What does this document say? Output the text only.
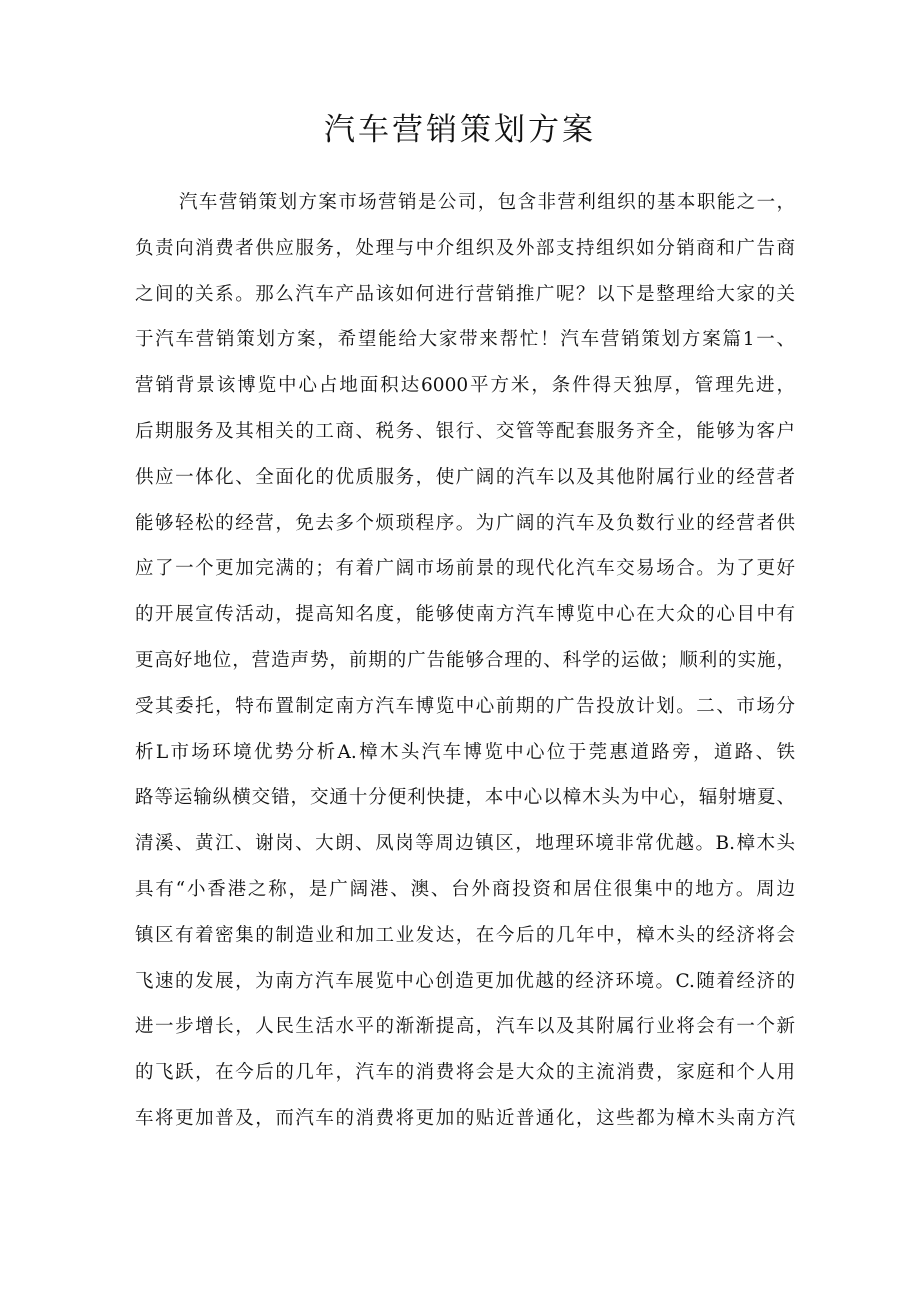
汽车营销策划方案
汽车营销策划方案市场营销是公司，包含非营利组织的基本职能之一，
负责向消费者供应服务，处理与中介组织及外部支持组织如分销商和广告商
之间的关系。那么汽车产品该如何进行营销推广呢？以下是整理给大家的关
于汽车营销策划方案，希望能给大家带来帮忙！汽车营销策划方案篇1一、
营销背景该博览中心占地面积达6000平方米，条件得天独厚，管理先进，
后期服务及其相关的工商、税务、银行、交管等配套服务齐全，能够为客户
供应一体化、全面化的优质服务，使广阔的汽车以及其他附属行业的经营者
能够轻松的经营，免去多个烦琐程序。为广阔的汽车及负数行业的经营者供
应了一个更加完满的；有着广阔市场前景的现代化汽车交易场合。为了更好
的开展宣传活动，提高知名度，能够使南方汽车博览中心在大众的心目中有
更高好地位，营造声势，前期的广告能够合理的、科学的运做；顺利的实施，
受其委托，特布置制定南方汽车博览中心前期的广告投放计划。二、市场分
析L市场环境优势分析A.樟木头汽车博览中心位于莞惠道路旁，道路、铁
路等运输纵横交错，交通十分便利快捷，本中心以樟木头为中心，辐射塘夏、
清溪、黄江、谢岗、大朗、凤岗等周边镇区，地理环境非常优越。B.樟木头
具有“小香港之称，是广阔港、澳、台外商投资和居住很集中的地方。周边
镇区有着密集的制造业和加工业发达，在今后的几年中，樟木头的经济将会
飞速的发展，为南方汽车展览中心创造更加优越的经济环境。C.随着经济的
进一步增长，人民生活水平的渐渐提高，汽车以及其附属行业将会有一个新
的飞跃，在今后的几年，汽车的消费将会是大众的主流消费，家庭和个人用
车将更加普及，而汽车的消费将更加的贴近普通化，这些都为樟木头南方汽
